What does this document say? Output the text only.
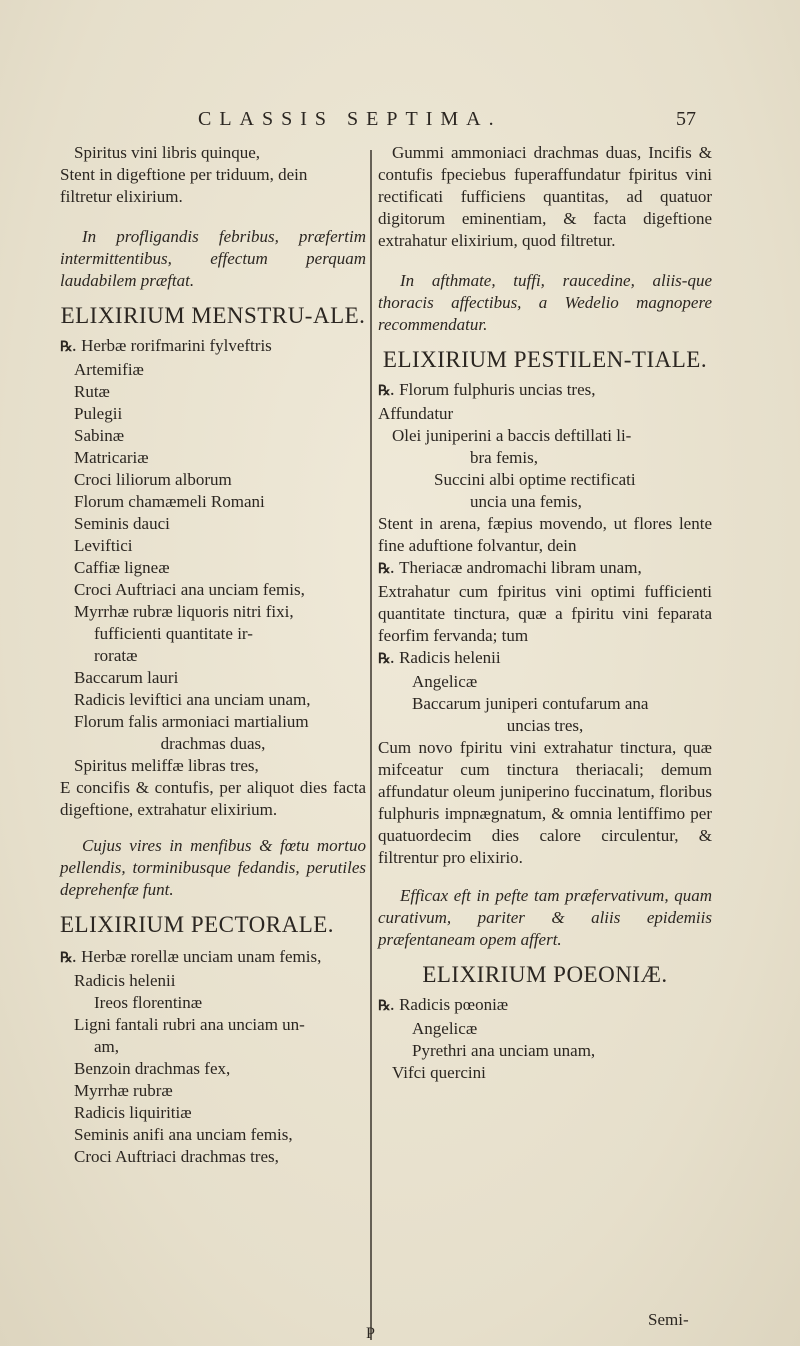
CLASSIS SEPTIMA.	57

Spiritus vini libris quinque,

Stent in digeftione per triduum, dein

filtretur elixirium.

In profligandis febribus, præfertim intermittentibus, effectum perquam laudabilem præftat.

ELIXIRIUM MENSTRU-ALE.

℞. Herbæ rorifmarini fylveftris

Artemifiæ

Rutæ

Pulegii

Sabinæ

Matricariæ

Croci liliorum alborum

Florum chamæmeli Romani

Seminis dauci

Leviftici

Caffiæ ligneæ

Croci Auftriaci ana unciam femis,

Myrrhæ rubræ liquoris nitri fixi,

fufficienti quantitate ir-

roratæ

Baccarum lauri

Radicis leviftici ana unciam unam,

Florum falis armoniaci martialium

drachmas duas,

Spiritus meliffæ libras tres,

E concifis & contufis, per aliquot dies facta digeftione, extrahatur elixirium.

Cujus vires in menfibus & fœtu mortuo pellendis, torminibusque fedandis, perutiles deprehenfæ funt.

ELIXIRIUM PECTORALE.

℞. Herbæ rorellæ unciam unam femis,

Radicis helenii

Ireos florentinæ

Ligni fantali rubri ana unciam un-

am,

Benzoin drachmas fex,

Myrrhæ rubræ

Radicis liquiritiæ

Seminis anifi ana unciam femis,

Croci Auftriaci drachmas tres,

Gummi ammoniaci drachmas duas, Incifis & contufis fpeciebus fuperaffundatur fpiritus vini rectificati fufficiens quantitas, ad quatuor digitorum eminentiam, & facta digeftione extrahatur elixirium, quod filtretur.

In afthmate, tuffi, raucedine, aliis-que thoracis affectibus, a Wedelio magnopere recommendatur.

ELIXIRIUM PESTILEN-TIALE.

℞. Florum fulphuris uncias tres,

Affundatur

Olei juniperini a baccis deftillati li-

bra femis,

Succini albi optime rectificati

uncia una femis,

Stent in arena, fæpius movendo, ut flores lente fine aduftione folvantur, dein

℞. Theriacæ andromachi libram unam,

Extrahatur cum fpiritus vini optimi fufficienti quantitate tinctura, quæ a fpiritu vini feparata feorfim fervanda; tum

℞. Radicis helenii

Angelicæ

Baccarum juniperi contufarum ana

uncias tres,

Cum novo fpiritu vini extrahatur tinctura, quæ mifceatur cum tinctura theriacali; demum affundatur oleum juniperino fuccinatum, floribus fulphuris impnægnatum, & omnia lentiffimo per quatuordecim dies calore circulentur, & filtrentur pro elixirio.

Efficax eft in pefte tam præfervativum, quam curativum, pariter & aliis epidemiis præfentaneam opem affert.

ELIXIRIUM POEONIÆ.

℞. Radicis pœoniæ

Angelicæ

Pyrethri ana unciam unam,

Vifci quercini

Semi-
P
